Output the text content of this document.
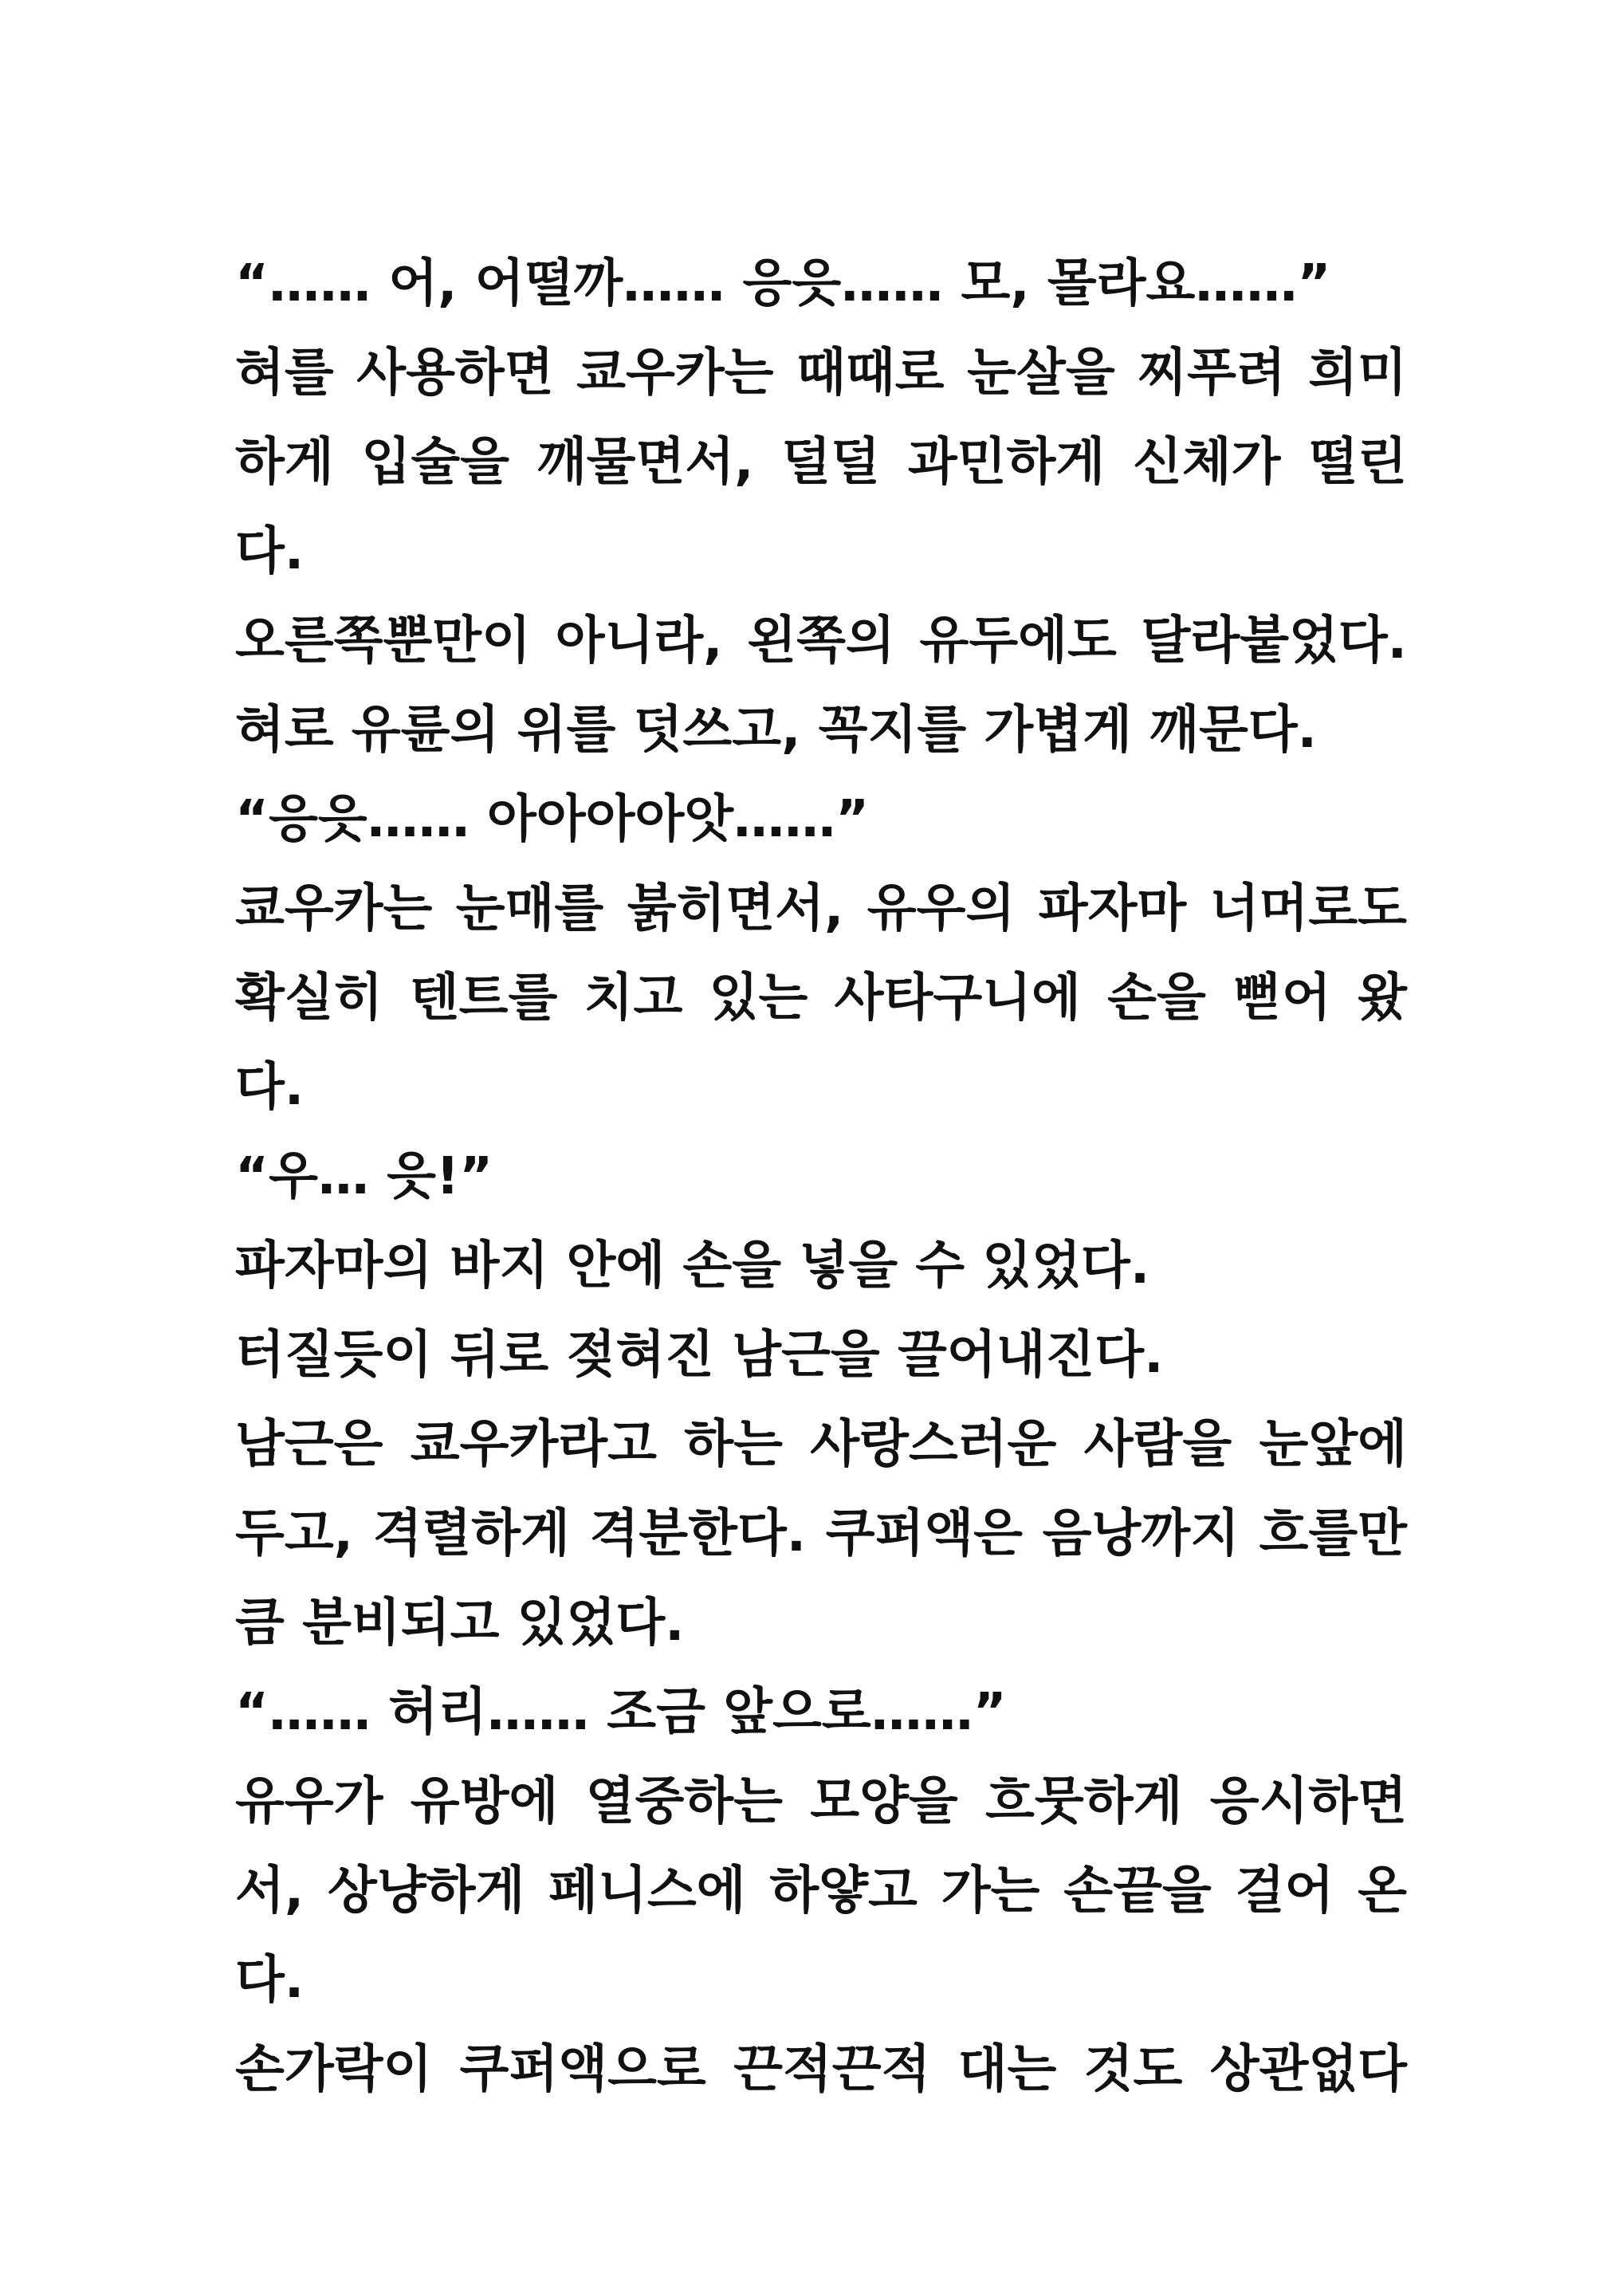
“…… 어, 어떨까…… 응읏…… 모, 몰라요……”
혀를 사용하면 쿄우카는 때때로 눈살을 찌푸려 희미
하게 입술을 깨물면서, 덜덜 과민하게 신체가 떨린
다.
오른쪽뿐만이 아니라, 왼쪽의 유두에도 달라붙었다.
혀로 유륜의 위를 덧쓰고, 꼭지를 가볍게 깨문다.
“응읏…… 아아아아앗……”
쿄우카는 눈매를 붉히면서, 유우의 파자마 너머로도
확실히 텐트를 치고 있는 사타구니에 손을 뻗어 왔
다.
“우… 읏!”
파자마의 바지 안에 손을 넣을 수 있었다.
터질듯이 뒤로 젖혀진 남근을 끌어내진다.
남근은 쿄우카라고 하는 사랑스러운 사람을 눈앞에
두고, 격렬하게 격분한다. 쿠퍼액은 음낭까지 흐를만
큼 분비되고 있었다.
“…… 허리…… 조금 앞으로……”
유우가 유방에 열중하는 모양을 흐뭇하게 응시하면
서, 상냥하게 페니스에 하얗고 가는 손끝을 걸어 온
다.
손가락이 쿠퍼액으로 끈적끈적 대는 것도 상관없다
